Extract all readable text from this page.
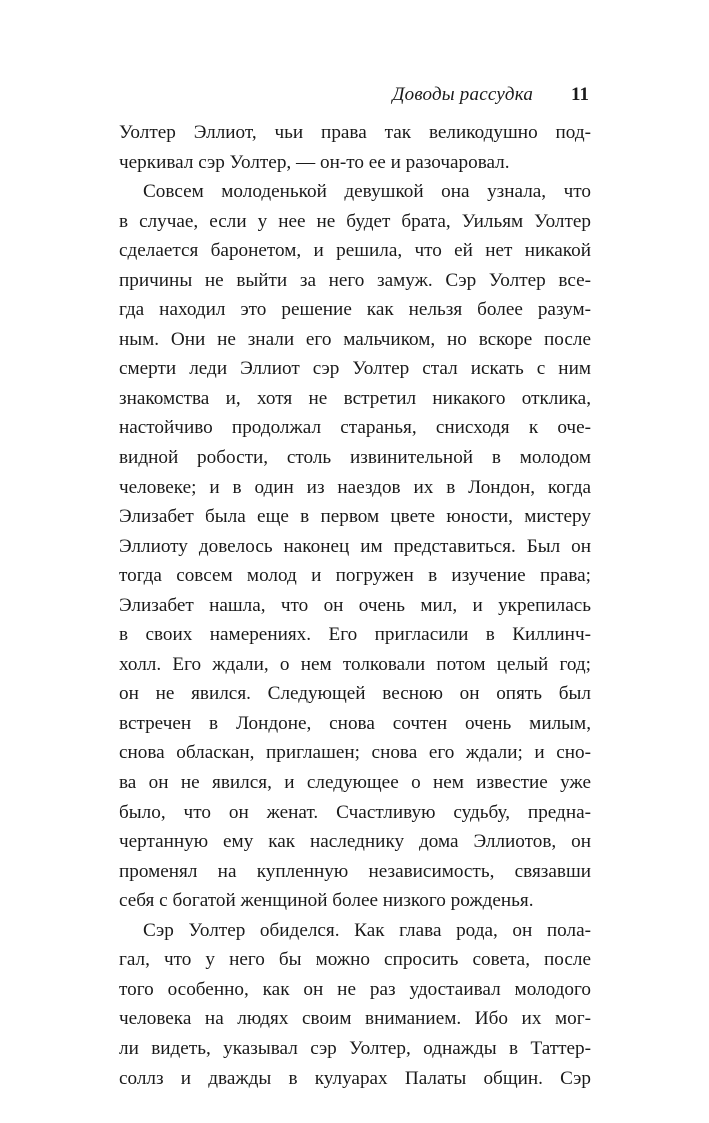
Доводы рассудка 11
Уолтер Эллиот, чьи права так великодушно под-
черкивал сэр Уолтер, — он-то ее и разочаровал.
Совсем молоденькой девушкой она узнала, что
в случае, если у нее не будет брата, Уильям Уолтер
сделается баронетом, и решила, что ей нет никакой
причины не выйти за него замуж. Сэр Уолтер все-
гда находил это решение как нельзя более разум-
ным. Они не знали его мальчиком, но вскоре после
смерти леди Эллиот сэр Уолтер стал искать с ним
знакомства и, хотя не встретил никакого отклика,
настойчиво продолжал старанья, снисходя к оче-
видной робости, столь извинительной в молодом
человеке; и в один из наездов их в Лондон, когда
Элизабет была еще в первом цвете юности, мистеру
Эллиоту довелось наконец им представиться. Был он
тогда совсем молод и погружен в изучение права;
Элизабет нашла, что он очень мил, и укрепилась
в своих намерениях. Его пригласили в Киллинч-
холл. Его ждали, о нем толковали потом целый год;
он не явился. Следующей весною он опять был
встречен в Лондоне, снова сочтен очень милым,
снова обласкан, приглашен; снова его ждали; и сно-
ва он не явился, и следующее о нем известие уже
было, что он женат. Счастливую судьбу, предна-
чертанную ему как наследнику дома Эллиотов, он
променял на купленную независимость, связавши
себя с богатой женщиной более низкого рожденья.
Сэр Уолтер обиделся. Как глава рода, он пола-
гал, что у него бы можно спросить совета, после
того особенно, как он не раз удостаивал молодого
человека на людях своим вниманием. Ибо их мог-
ли видеть, указывал сэр Уолтер, однажды в Таттер-
соллз и дважды в кулуарах Палаты общин. Сэр
